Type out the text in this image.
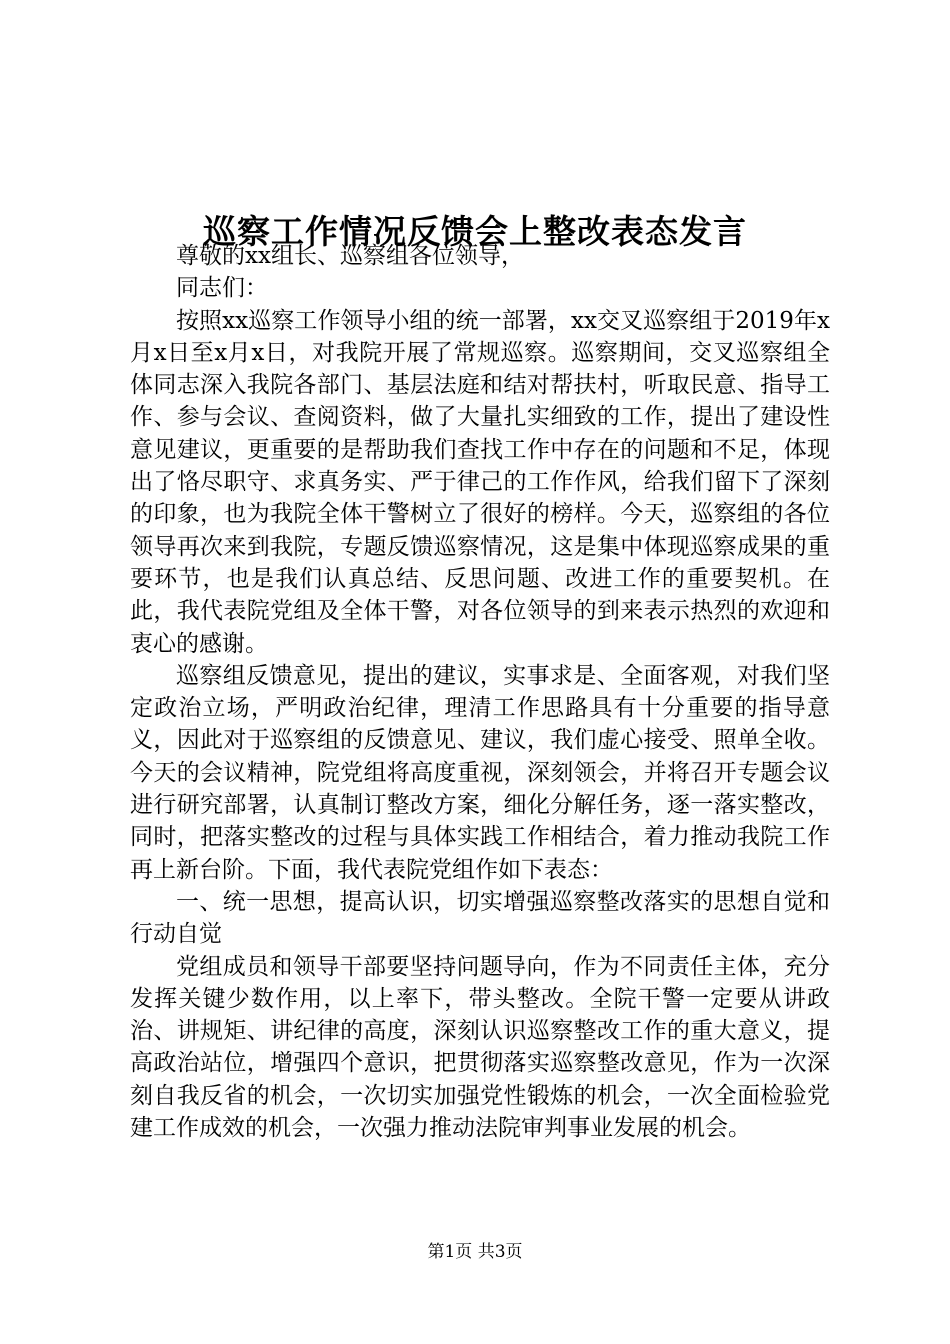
巡察工作情况反馈会上整改表态发言

尊敬的xx组长、巡察组各位领导，

同志们：

按照xx巡察工作领导小组的统一部署，xx交叉巡察组于2019年x月x日至x月x日，对我院开展了常规巡察。巡察期间，交叉巡察组全体同志深入我院各部门、基层法庭和结对帮扶村，听取民意、指导工作、参与会议、查阅资料，做了大量扎实细致的工作，提出了建设性意见建议，更重要的是帮助我们查找工作中存在的问题和不足，体现出了恪尽职守、求真务实、严于律己的工作作风，给我们留下了深刻的印象，也为我院全体干警树立了很好的榜样。今天，巡察组的各位领导再次来到我院，专题反馈巡察情况，这是集中体现巡察成果的重要环节，也是我们认真总结、反思问题、改进工作的重要契机。在此，我代表院党组及全体干警，对各位领导的到来表示热烈的欢迎和衷心的感谢。

巡察组反馈意见，提出的建议，实事求是、全面客观，对我们坚定政治立场，严明政治纪律，理清工作思路具有十分重要的指导意义，因此对于巡察组的反馈意见、建议，我们虚心接受、照单全收。今天的会议精神，院党组将高度重视，深刻领会，并将召开专题会议进行研究部署，认真制订整改方案，细化分解任务，逐一落实整改，同时，把落实整改的过程与具体实践工作相结合，着力推动我院工作再上新台阶。下面，我代表院党组作如下表态：

一、统一思想，提高认识，切实增强巡察整改落实的思想自觉和行动自觉

党组成员和领导干部要坚持问题导向，作为不同责任主体，充分发挥关键少数作用，以上率下，带头整改。全院干警一定要从讲政治、讲规矩、讲纪律的高度，深刻认识巡察整改工作的重大意义，提高政治站位，增强四个意识，把贯彻落实巡察整改意见，作为一次深刻自我反省的机会，一次切实加强党性锻炼的机会，一次全面检验党建工作成效的机会，一次强力推动法院审判事业发展的机会。

第1页 共3页
